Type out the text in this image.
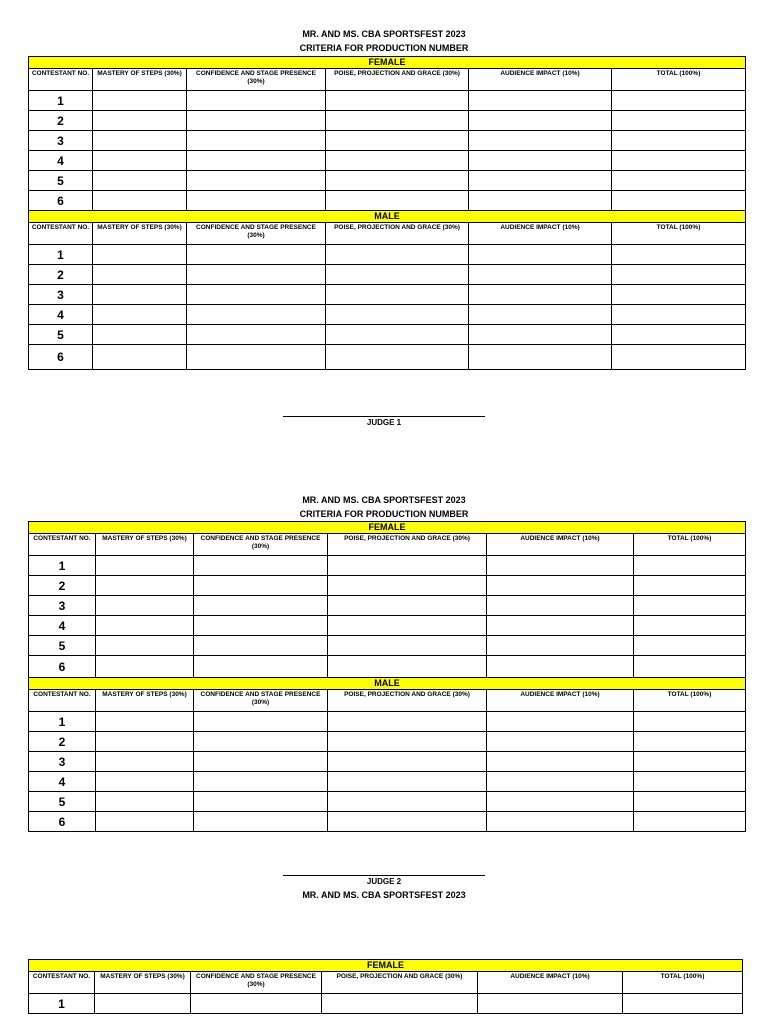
MR. AND MS. CBA SPORTSFEST 2023
CRITERIA FOR PRODUCTION NUMBER
FEMALE					
CONTESTANT NO.	MASTERY OF STEPS (30%)	CONFIDENCE AND STAGE PRESENCE (30%)	POISE, PROJECTION AND GRACE (30%)	AUDIENCE IMPACT (10%)	TOTAL (100%)
1					
2					
3					
4					
5					
6					
MALE					
CONTESTANT NO.	MASTERY OF STEPS (30%)	CONFIDENCE AND STAGE PRESENCE (30%)	POISE, PROJECTION AND GRACE (30%)	AUDIENCE IMPACT (10%)	TOTAL (100%)
1					
2					
3					
4					
5					
6					
JUDGE 1
MR. AND MS. CBA SPORTSFEST 2023
CRITERIA FOR PRODUCTION NUMBER
FEMALE					
CONTESTANT NO.	MASTERY OF STEPS (30%)	CONFIDENCE AND STAGE PRESENCE (30%)	POISE, PROJECTION AND GRACE (30%)	AUDIENCE IMPACT (10%)	TOTAL (100%)
1					
2					
3					
4					
5					
6					
MALE					
CONTESTANT NO.	MASTERY OF STEPS (30%)	CONFIDENCE AND STAGE PRESENCE (30%)	POISE, PROJECTION AND GRACE (30%)	AUDIENCE IMPACT (10%)	TOTAL (100%)
1					
2					
3					
4					
5					
6					
JUDGE 2
MR. AND MS. CBA SPORTSFEST 2023
FEMALE					
CONTESTANT NO.	MASTERY OF STEPS (30%)	CONFIDENCE AND STAGE PRESENCE (30%)	POISE, PROJECTION AND GRACE (30%)	AUDIENCE IMPACT (10%)	TOTAL (100%)
1					
